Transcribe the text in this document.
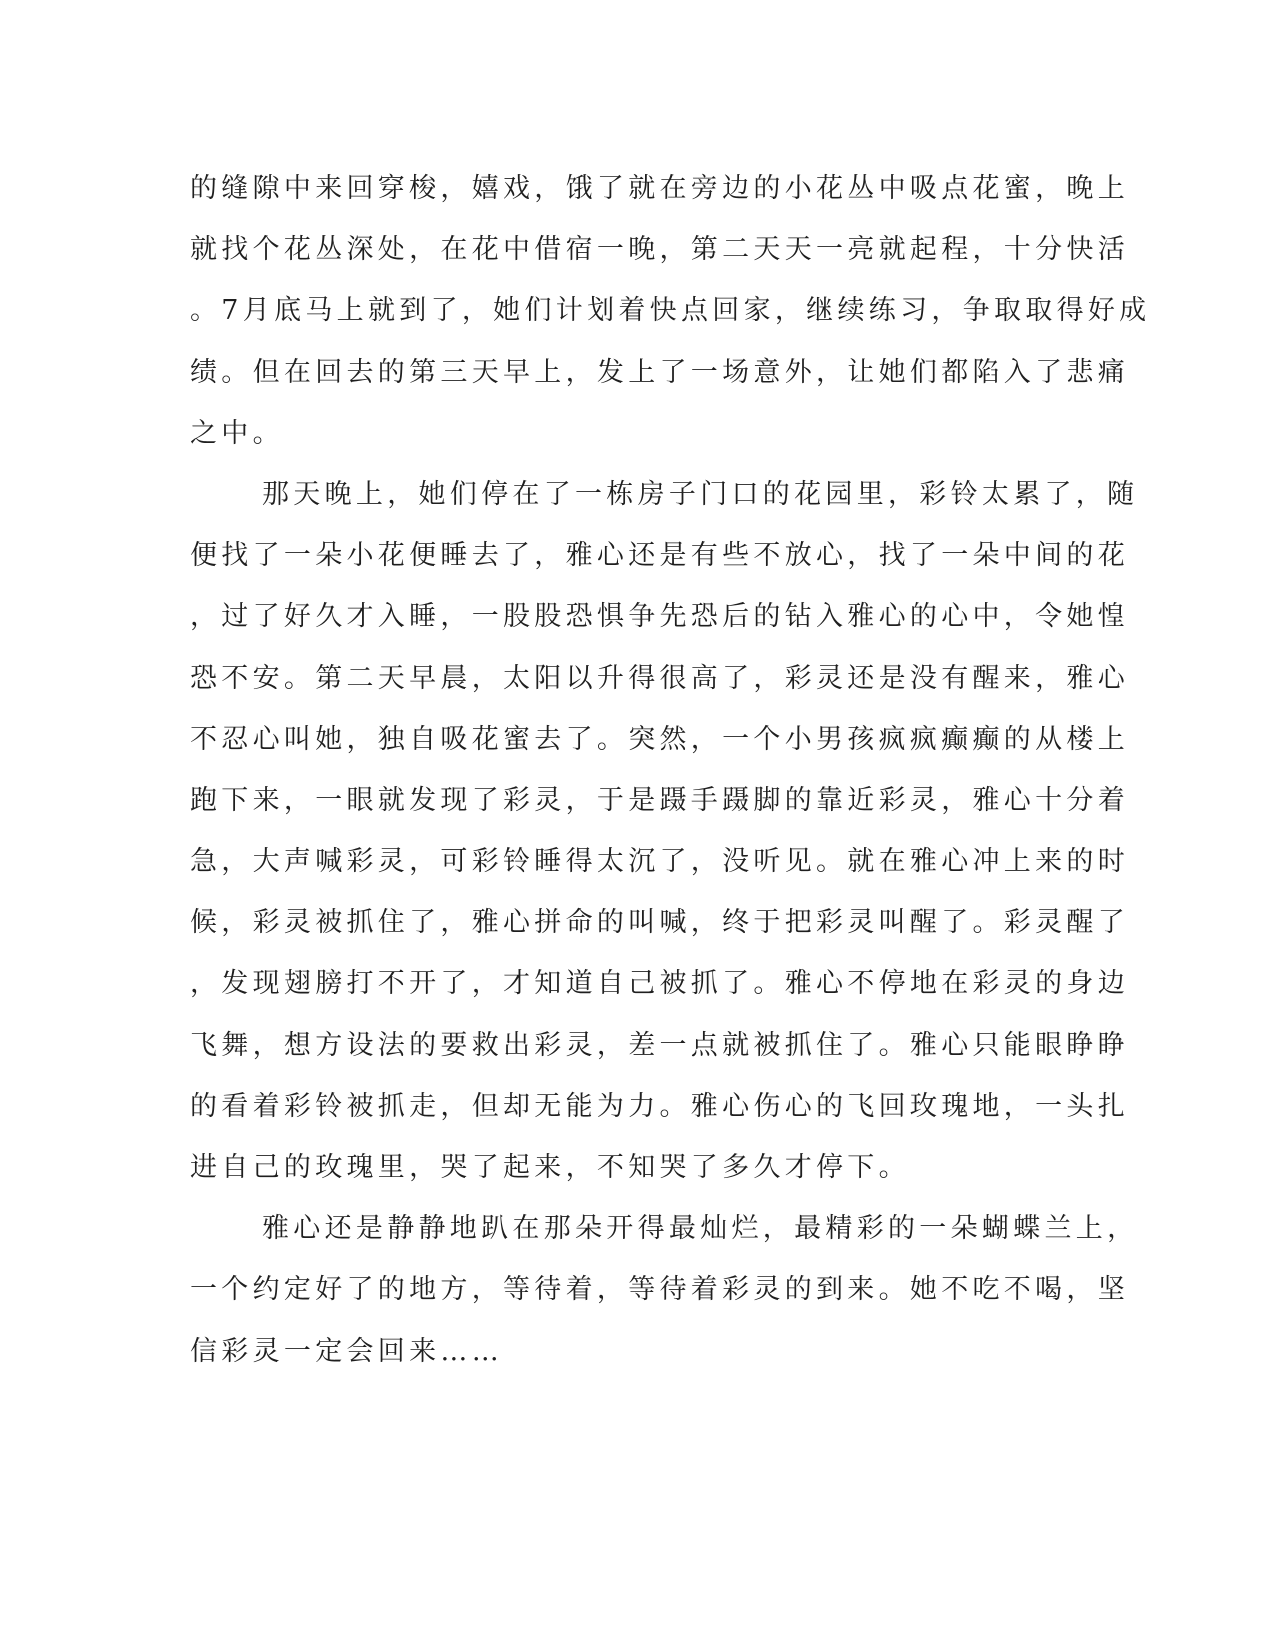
的缝隙中来回穿梭，嬉戏，饿了就在旁边的小花丛中吸点花蜜，晚上
就找个花丛深处，在花中借宿一晚，第二天天一亮就起程，十分快活
。7月底马上就到了，她们计划着快点回家，继续练习，争取取得好成
绩。但在回去的第三天早上，发上了一场意外，让她们都陷入了悲痛
之中。
那天晚上，她们停在了一栋房子门口的花园里，彩铃太累了，随
便找了一朵小花便睡去了，雅心还是有些不放心，找了一朵中间的花
，过了好久才入睡，一股股恐惧争先恐后的钻入雅心的心中，令她惶
恐不安。第二天早晨，太阳以升得很高了，彩灵还是没有醒来，雅心
不忍心叫她，独自吸花蜜去了。突然，一个小男孩疯疯癫癫的从楼上
跑下来，一眼就发现了彩灵，于是蹑手蹑脚的靠近彩灵，雅心十分着
急，大声喊彩灵，可彩铃睡得太沉了，没听见。就在雅心冲上来的时
候，彩灵被抓住了，雅心拼命的叫喊，终于把彩灵叫醒了。彩灵醒了
，发现翅膀打不开了，才知道自己被抓了。雅心不停地在彩灵的身边
飞舞，想方设法的要救出彩灵，差一点就被抓住了。雅心只能眼睁睁
的看着彩铃被抓走，但却无能为力。雅心伤心的飞回玫瑰地，一头扎
进自己的玫瑰里，哭了起来，不知哭了多久才停下。
雅心还是静静地趴在那朵开得最灿烂，最精彩的一朵蝴蝶兰上，
一个约定好了的地方，等待着，等待着彩灵的到来。她不吃不喝，坚
信彩灵一定会回来……
